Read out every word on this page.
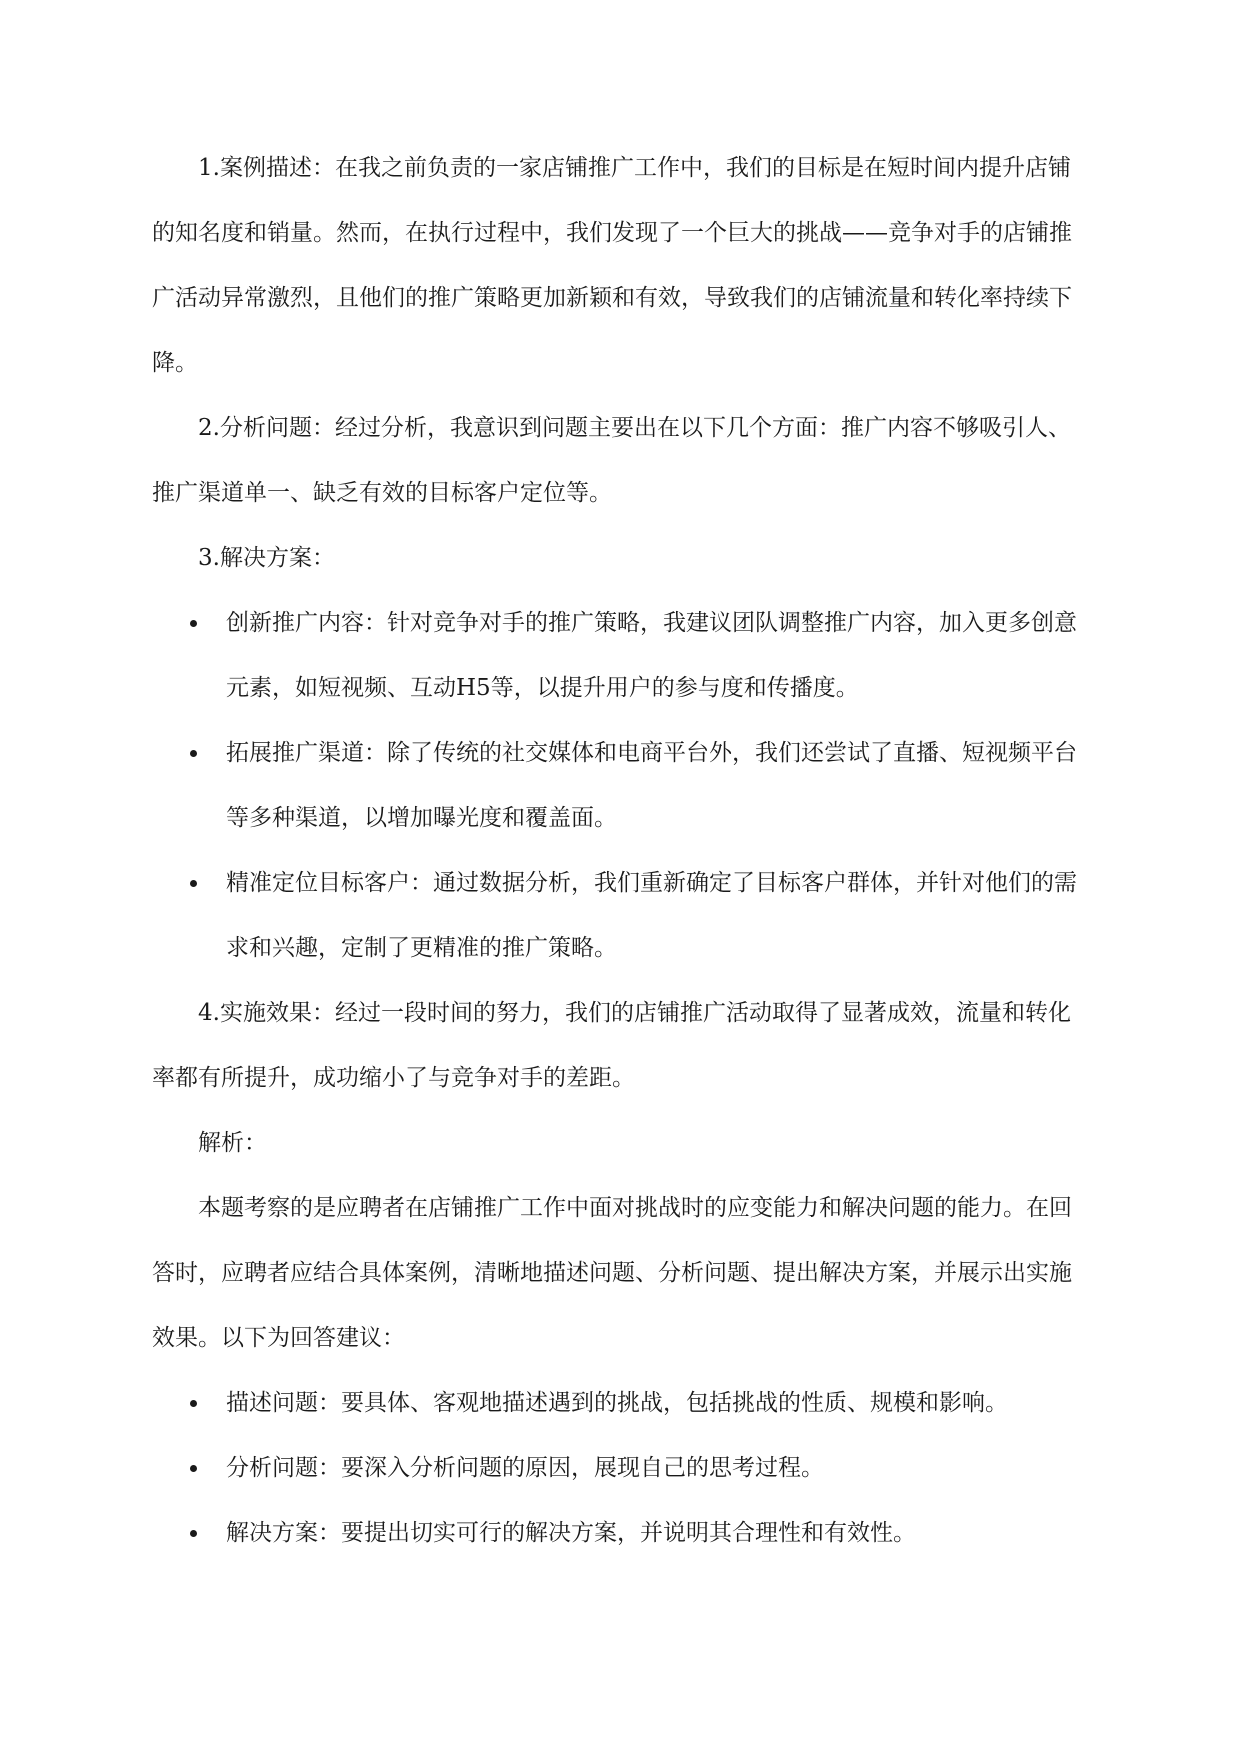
1.案例描述：在我之前负责的一家店铺推广工作中，我们的目标是在短时间内提升店铺的知名度和销量。然而，在执行过程中，我们发现了一个巨大的挑战——竞争对手的店铺推广活动异常激烈，且他们的推广策略更加新颖和有效，导致我们的店铺流量和转化率持续下降。

2.分析问题：经过分析，我意识到问题主要出在以下几个方面：推广内容不够吸引人、推广渠道单一、缺乏有效的目标客户定位等。

3.解决方案：

创新推广内容：针对竞争对手的推广策略，我建议团队调整推广内容，加入更多创意元素，如短视频、互动H5等，以提升用户的参与度和传播度。
拓展推广渠道：除了传统的社交媒体和电商平台外，我们还尝试了直播、短视频平台等多种渠道，以增加曝光度和覆盖面。
精准定位目标客户：通过数据分析，我们重新确定了目标客户群体，并针对他们的需求和兴趣，定制了更精准的推广策略。

4.实施效果：经过一段时间的努力，我们的店铺推广活动取得了显著成效，流量和转化率都有所提升，成功缩小了与竞争对手的差距。

解析：

本题考察的是应聘者在店铺推广工作中面对挑战时的应变能力和解决问题的能力。在回答时，应聘者应结合具体案例，清晰地描述问题、分析问题、提出解决方案，并展示出实施效果。以下为回答建议：

描述问题：要具体、客观地描述遇到的挑战，包括挑战的性质、规模和影响。
分析问题：要深入分析问题的原因，展现自己的思考过程。
解决方案：要提出切实可行的解决方案，并说明其合理性和有效性。
